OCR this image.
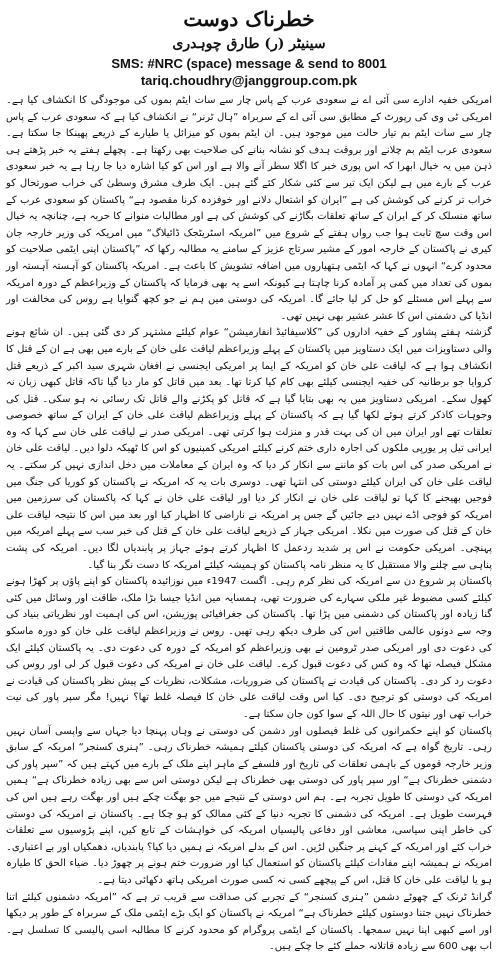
خطرناک دوست
سینیٹر (ر) طارق چوہدری
SMS: #NRC (space) message & send to 8001
tariq.choudhry@janggroup.com.pk

امریکی خفیہ ادارے سی آئی اے نے سعودی عرب کے پاس چار سے سات ایٹم بموں کی موجودگی کا انکشاف کیا ہے۔ امریکی ٹی وی کی رپورٹ کے مطابق سی آئی اے کے سربراہ ”ہال ٹرنر“ نے انکشاف کیا ہے کہ سعودی عرب کے پاس چار سے سات ایٹم بم تیار حالت میں موجود ہیں۔ ان ایٹم بموں کو میزائل یا طیارے کے ذریعے پھینکا جا سکتا ہے۔ سعودی عرب ایٹم بم چلانے اور بروقت ہدف کو نشانہ بنانے کی صلاحیت بھی رکھتا ہے۔ پچھلے ہفتے یہ خبر پڑھتے ہی ذہن میں یہ خیال ابھرا کہ اس پوری خبر کا اگلا سطر آنے والا ہے اور اس کو کیا اشارہ دیا جا رہا ہے یہ خبر سعودی عرب کے بارے میں ہے لیکن ایک تیر سے کئی شکار کئے گئے ہیں۔ ایک طرف مشرق وسطیٰ کی خراب صورتحال کو خراب تر کرنے کی کوشش کی ہے ”ایران کو اشتعال دلانے اور خوفزدہ کرنا مقصود ہے“ پاکستان کو سعودی عرب کے ساتھ منسلک کر کے ایران کے ساتھ تعلقات بگاڑنے کی کوشش کی ہے اور مطالبات منوانے کا حربہ ہے، چنانچہ یہ خیال اس وقت سچ ثابت ہوا جب رواں ہفتے کے شروع میں ”امریکہ اسٹریٹجک ڈائیلاگ“ میں امریکہ کی وزیر خارجہ جان کیری نے پاکستان کے خارجہ امور کے مشیر سرتاج عزیز کے سامنے یہ مطالبہ رکھا کہ ”پاکستان اپنی ایٹمی صلاحیت کو محدود کرے“ انہوں نے کہا کہ ایٹمی ہتھیاروں میں اضافہ تشویش کا باعث ہے۔ امریکہ پاکستان کو آہستہ آہستہ اور بموں کی تعداد میں کمی پر آمادہ کرنا چاہتا ہے کیونکہ اسے یہ بھی فرمایا کہ پاکستان کے وزیراعظم کے دورہ امریکہ سے پہلے اس مسئلے کو حل کر لیا جائے گا۔ امریکہ کی دوستی میں ہم نے جو کچھ گنوایا ہے روس کی مخالفت اور انڈیا کی دشمنی اس کا عشر عشیر بھی نہیں تھی۔

گزشتہ ہفتے پشاور کے خفیہ اداروں کی ”کلاسیفائیڈ انفارمیشن“ عوام کیلئے مشتہر کر دی گئی ہیں۔ ان شائع ہونے والی دستاویزات میں ایک دستاویز میں پاکستان کے پہلے وزیراعظم لیاقت علی خان کے بارے میں بھی ہے ان کے قتل کا انکشاف ہوا ہے کہ لیاقت علی خان کو امریکہ کے ایما پر امریکی ایجنسی نے افغان شہری سید اکبر کے ذریعے قتل کروایا جو برطانیہ کی خفیہ ایجنسی کیلئے بھی کام کیا کرتا تھا۔ بعد میں قاتل کو مار دیا گیا تاکہ قاتل کبھی زبان نہ کھول سکے۔ امریکی دستاویز میں یہ بھی بتایا گیا ہے کہ قاتل کو پکڑنے والے قاتل تک رسائی نہ ہو سکی۔ قتل کی وجوہات کاذکر کرتے ہوئے لکھا گیا ہے کہ پاکستان کے پہلے وزیراعظم لیاقت علی خان کے ایران کے ساتھ خصوصی تعلقات تھے اور ایران میں ان کی بہت قدر و منزلت ہوا کرتی تھی۔ امریکی صدر نے لیاقت علی خان سے کہا کہ وہ ایرانی تیل پر یورپی ملکوں کی اجارہ داری ختم کرنے کیلئے امریکی کمپنیوں کو اس کا ٹھیکہ دلوا دیں۔ لیاقت علی خان نے امریکی صدر کی اس بات کو ماننے سے انکار کر دیا کہ وہ ایران کے معاملات میں دخل اندازی نہیں کر سکتے۔ یہ لیاقت علی خان کی ایران کیلئے دوستی کی انتہا تھی۔ دوسری بات یہ کہ امریکہ نے پاکستان کو کوریا کی جنگ میں فوجیں بھیجنے کا کہا تو لیاقت علی خان نے انکار کر دیا اور لیاقت علی خان نے کہا کہ پاکستان کی سرزمین میں امریکہ کو فوجی اڈے نہیں دیے جائیں گے جس پر امریکہ نے ناراضی کا اظہار کیا اور بعد میں اس کا نتیجہ لیاقت علی خان کے قتل کی صورت میں نکلا۔ امریکی جہاز کے ذریعے لیاقت علی خان کے قتل کی خبر سب سے پہلے امریکہ میں پہنچی۔ امریکی حکومت نے اس پر شدید ردعمل کا اظہار کرتے ہوئے جہاز پر پابندیاں لگا دیں۔ امریکہ کی پشت پناہی سے چلنے والا مستقبل کا یہ منظر نامہ پاکستان کو ہمیشہ کیلئے امریکہ کا دست نگر بنا گیا۔

پاکستان پر شروع دن سے امریکہ کی نظر کرم رہی۔ اگست 1947ء میں نوزائیدہ پاکستان کو اپنے پاؤں پر کھڑا ہونے کیلئے کسی مضبوط غیر ملکی سہارے کی ضرورت تھی، ہمسایہ میں انڈیا جیسا بڑا ملک، طاقت اور وسائل میں کئی گنا زیادہ اور پاکستان کی دشمنی میں پڑا تھا۔ پاکستان کی جغرافیائی پوزیشن، اس کی اہمیت اور نظریاتی بنیاد کی وجہ سے دونوں عالمی طاقتیں اس کی طرف دیکھ رہی تھیں۔ روس نے وزیراعظم لیاقت علی خان کو دورہ ماسکو کی دعوت دی اور امریکی صدر ٹرومین نے بھی وزیراعظم کو امریکہ کے دورہ کی دعوت دی۔ یہ پاکستان کیلئے ایک مشکل فیصلہ تھا کہ وہ کس کی دعوت قبول کرے۔ لیاقت علی خان نے امریکہ کی دعوت قبول کر لی اور روس کی دعوت رد کر دی۔ پاکستان کی قیادت نے پاکستان کی ضروریات، مشکلات، نظریات کے پیش نظر پاکستان کی قیادت نے امریکہ کی دوستی کو ترجیح دی۔ کیا اس وقت لیاقت علی خان کا فیصلہ غلط تھا؟ نہیں! مگر سپر پاور کی نیت خراب تھی اور نیتوں کا حال اللہ کے سوا کون جان سکتا ہے۔

پاکستان کو اپنے حکمرانوں کی غلط فیصلوں اور دشمن کی دوستی نے وہاں پہنچا دیا جہاں سے واپسی آسان نہیں رہی۔ تاریخ گواہ ہے کہ امریکہ کی دوستی پاکستان کیلئے ہمیشہ خطرناک رہی۔ ”ہنری کسنجر“ امریکہ کے سابق وزیر خارجہ قوموں کے باہمی تعلقات کی تاریخ اور فلسفے کے ماہر اپنے ملک کے بارے میں کہتے ہیں کہ ”سپر پاور کی دشمنی خطرناک ہے“ اور سپر پاور کی دوستی بھی خطرناک ہے لیکن دوستی اس سے بھی زیادہ خطرناک ہے“ ہمیں امریکہ کی دوستی کا طویل تجربہ ہے۔ ہم اس دوستی کے نتیجے میں جو بھگت چکے ہیں اور بھگت رہے ہیں اس کی فہرست طویل ہے۔ امریکہ کی دشمنی کا تجربہ دنیا کے کئی ممالک کو ہو چکا ہے۔ پاکستان نے امریکہ کی دوستی کی خاطر اپنی سیاسی، معاشی اور دفاعی پالیسیاں امریکہ کی خواہشات کے تابع کیں، اپنے پڑوسیوں سے تعلقات خراب کئے اور امریکہ کے کہنے پر جنگیں لڑیں۔ اس کے بدلے امریکہ نے ہمیں دیا کیا؟ پابندیاں، دھمکیاں اور بے اعتباری۔ امریکہ نے ہمیشہ اپنے مفادات کیلئے پاکستان کو استعمال کیا اور ضرورت ختم ہونے پر چھوڑ دیا۔ ضیاء الحق کا طیارہ ہو یا لیاقت علی خان کا قتل، اس کے پیچھے کسی نہ کسی صورت امریکی ہاتھ دکھائی دیتا ہے۔

گرانڈ ٹرنک کے چھوٹے دشمن ”ہنری کسنجر“ کے تجربے کی صداقت سے قریب تر ہے کہ ”امریکہ دشمنوں کیلئے اتنا خطرناک نہیں جتنا دوستوں کیلئے خطرناک ہے“ امریکہ نے پاکستان کو ایک بڑے ایٹمی ملک کے سربراہ کے طور پر دیکھا اور اسے کبھی اپنا نہیں سمجھا۔ پاکستان کے ایٹمی پروگرام کو محدود کرنے کا مطالبہ اسی پالیسی کا تسلسل ہے۔ اب بھی 600 سے زیادہ قاتلانہ حملے کئے جا چکے ہیں۔
